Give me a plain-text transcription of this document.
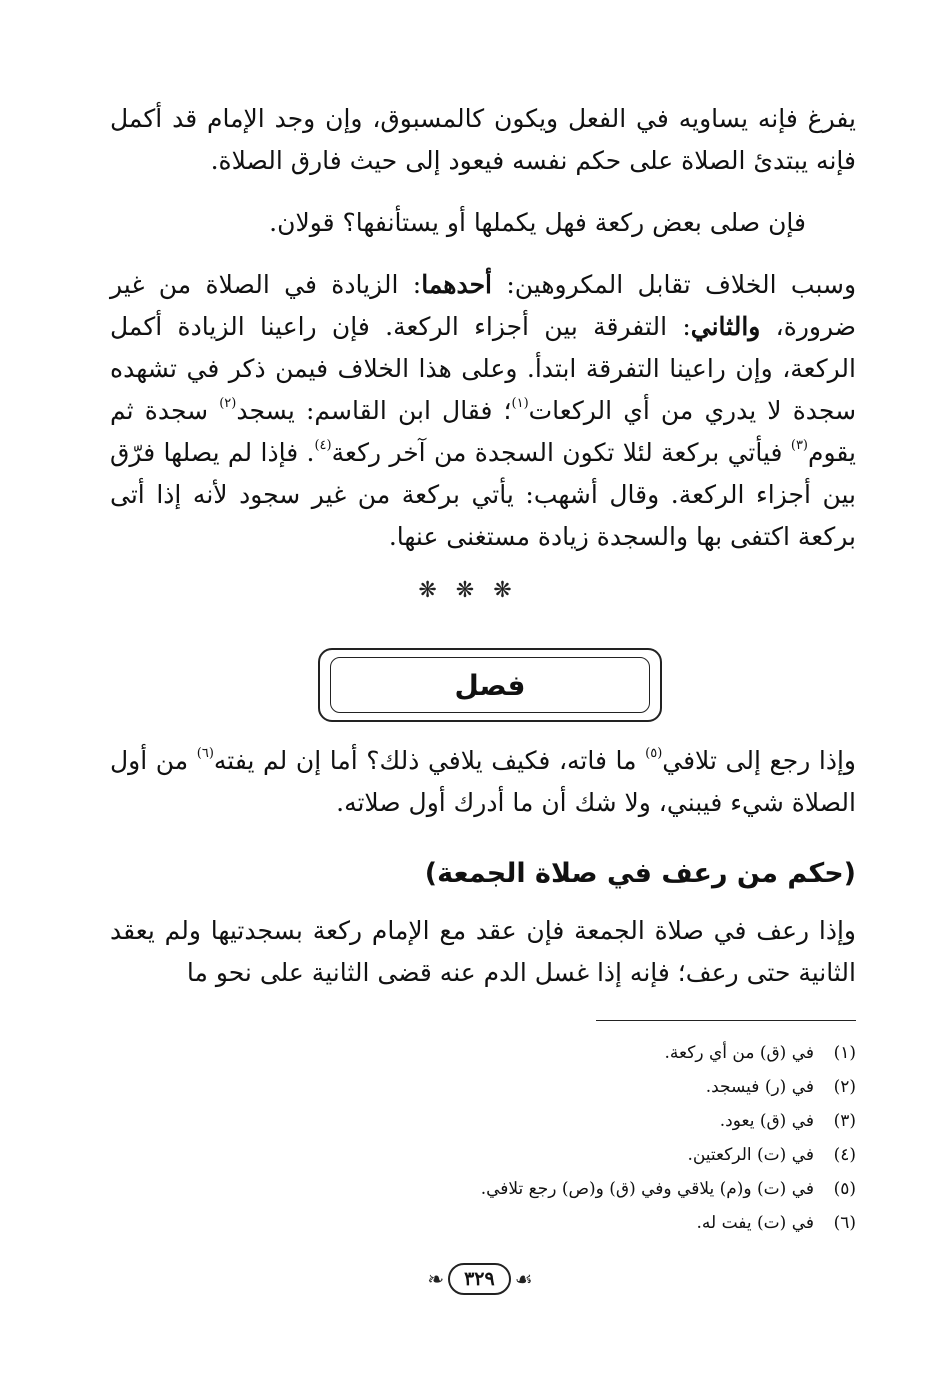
يفرغ فإنه يساويه في الفعل ويكون كالمسبوق، وإن وجد الإمام قد أكمل فإنه يبتدئ الصلاة على حكم نفسه فيعود إلى حيث فارق الصلاة.

فإن صلى بعض ركعة فهل يكملها أو يستأنفها؟ قولان.

وسبب الخلاف تقابل المكروهين: أحدهما: الزيادة في الصلاة من غير ضرورة، والثاني: التفرقة بين أجزاء الركعة. فإن راعينا الزيادة أكمل الركعة، وإن راعينا التفرقة ابتدأ. وعلى هذا الخلاف فيمن ذكر في تشهده سجدة لا يدري من أي الركعات$^{(١)}$؛ فقال ابن القاسم: يسجد$^{(٢)}$ سجدة ثم يقوم$^{(٣)}$ فيأتي بركعة لئلا تكون السجدة من آخر ركعة$^{(٤)}$. فإذا لم يصلها فرّق بين أجزاء الركعة. وقال أشهب: يأتي بركعة من غير سجود لأنه إذا أتى بركعة اكتفى بها والسجدة زيادة مستغنى عنها.

❋ ❋ ❋
فصل

وإذا رجع إلى تلافي$^{(٥)}$ ما فاته، فكيف يلافي ذلك؟ أما إن لم يفته$^{(٦)}$ من أول الصلاة شيء فيبني، ولا شك أن ما أدرك أول صلاته.

(حكم من رعف في صلاة الجمعة)

وإذا رعف في صلاة الجمعة فإن عقد مع الإمام ركعة بسجدتيها ولم يعقد الثانية حتى رعف؛ فإنه إذا غسل الدم عنه قضى الثانية على نحو ما

(١)
في (ق) من أي ركعة.
(٢)
في (ر) فيسجد.
(٣)
في (ق) يعود.
(٤)
في (ت) الركعتين.
(٥)
في (ت) و(م) يلاقي وفي (ق) و(ص) رجع تلافي.
(٦)
في (ت) يفت له.
❧	٣٢٩	☙
